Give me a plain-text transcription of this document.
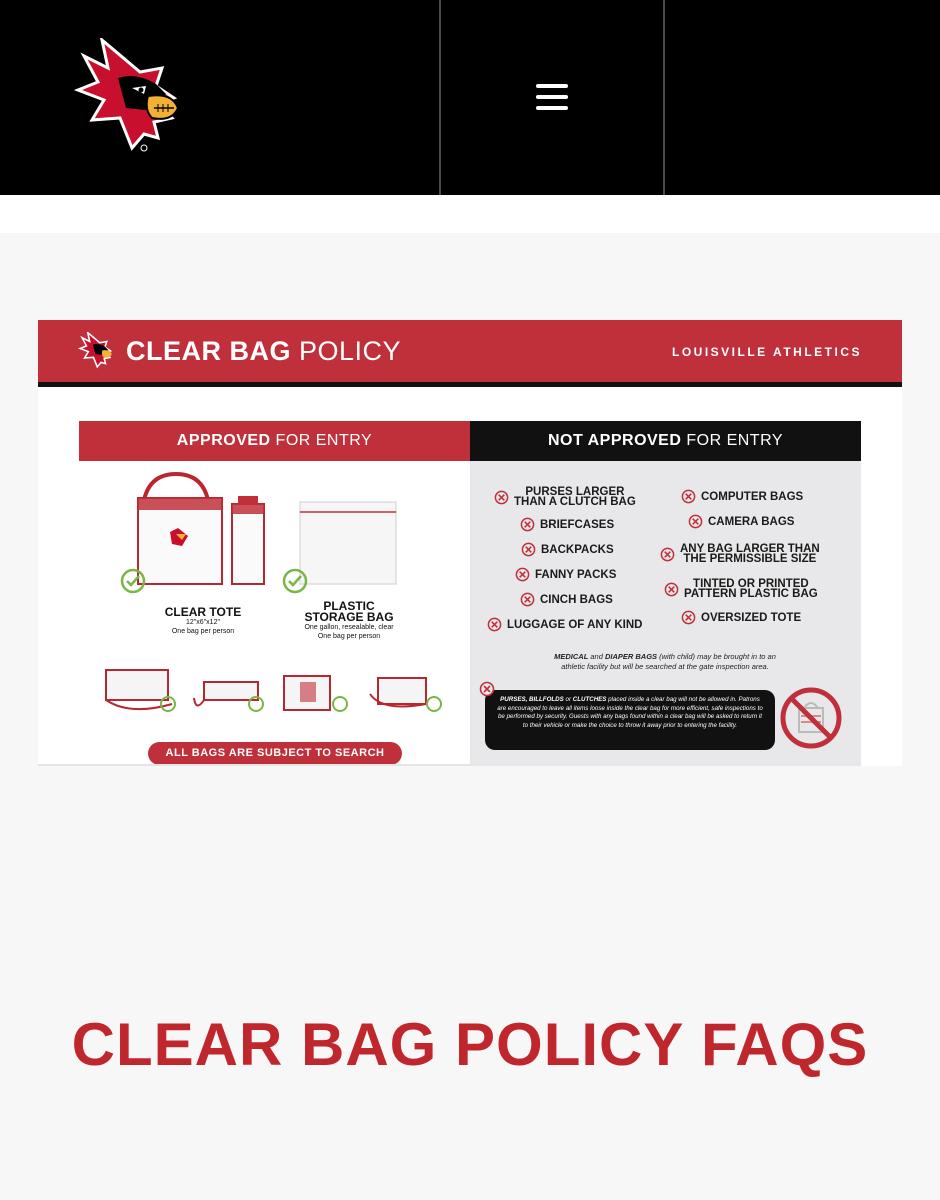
CLEAR BAG POLICY	LOUISVILLE ATHLETICS
APPROVED FOR ENTRY	NOT APPROVED FOR ENTRY
CLEAR TOTE
12"x6"x12"
One bag per person
PLASTIC
STORAGE BAG
One gallon, resealable, clear
One bag per person
ALL BAGS ARE SUBJECT TO SEARCH
PURSES LARGER
THAN A CLUTCH BAG
BRIEFCASES
BACKPACKS
FANNY PACKS
CINCH BAGS
LUGGAGE OF ANY KIND
COMPUTER BAGS
CAMERA BAGS
ANY BAG LARGER THAN
THE PERMISSIBLE SIZE
TINTED OR PRINTED
PATTERN PLASTIC BAG
OVERSIZED TOTE
MEDICAL and DIAPER BAGS (with child) may be brought in to an
athletic facility but will be searched at the gate inspection area.
PURSES, BILLFOLDS or CLUTCHES placed inside a clear bag will not be allowed in. Patrons are encouraged to leave all items loose inside the clear bag for more efficient, safe inspections to be performed by security. Guests with any bags found within a clear bag will be asked to return it to their vehicle or make the choice to throw it away prior to entering the facility.
CLEAR BAG POLICY FAQS
